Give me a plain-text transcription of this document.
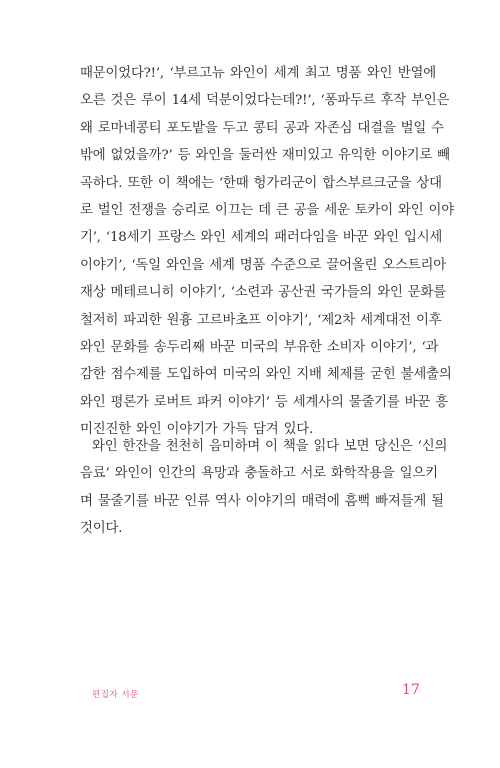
때문이었다?!’, ‘부르고뉴 와인이 세계 최고 명품 와인 반열에
오른 것은 루이 14세 덕분이었다는데?!’, ‘퐁파두르 후작 부인은
왜 로마네콩티 포도밭을 두고 콩티 공과 자존심 대결을 벌일 수
밖에 없었을까?’ 등 와인을 둘러싼 재미있고 유익한 이야기로 빼
곡하다. 또한 이 책에는 ‘한때 헝가리군이 합스부르크군을 상대
로 벌인 전쟁을 승리로 이끄는 데 큰 공을 세운 토카이 와인 이야
기’, ‘18세기 프랑스 와인 세계의 패러다임을 바꾼 와인 입시세
이야기’, ‘독일 와인을 세계 명품 수준으로 끌어올린 오스트리아
재상 메테르니히 이야기’, ‘소련과 공산권 국가들의 와인 문화를
철저히 파괴한 원흉 고르바초프 이야기’, ‘제2차 세계대전 이후
와인 문화를 송두리째 바꾼 미국의 부유한 소비자 이야기’, ‘과
감한 점수제를 도입하여 미국의 와인 지배 체제를 굳힌 불세출의
와인 평론가 로버트 파커 이야기’ 등 세계사의 물줄기를 바꾼 흥
미진진한 와인 이야기가 가득 담겨 있다.
와인 한잔을 천천히 음미하며 이 책을 읽다 보면 당신은 ‘신의
음료’ 와인이 인간의 욕망과 충돌하고 서로 화학작용을 일으키
며 물줄기를 바꾼 인류 역사 이야기의 매력에 흠뻑 빠져들게 될
것이다.
편집자 서문	17
